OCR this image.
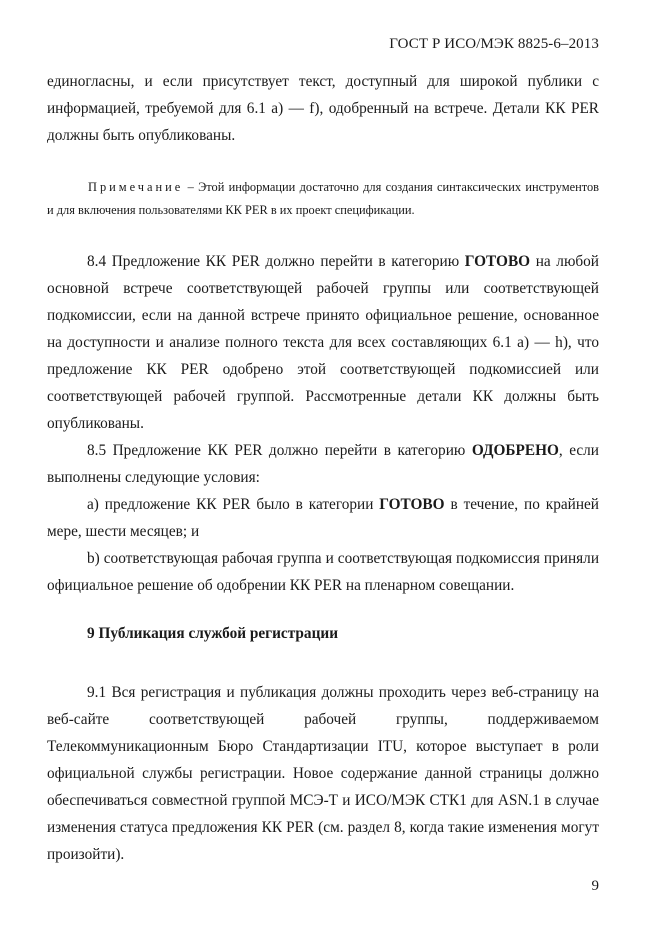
ГОСТ Р ИСО/МЭК 8825-6–2013

единогласны, и если присутствует текст, доступный для широкой публики с информацией, требуемой для 6.1 a) — f), одобренный на встрече. Детали КК PER должны быть опубликованы.

Примечание – Этой информации достаточно для создания синтаксических инструментов и для включения пользователями КК PER в их проект спецификации.

8.4 Предложение КК PER должно перейти в категорию ГОТОВО на любой основной встрече соответствующей рабочей группы или соответствующей подкомиссии, если на данной встрече принято официальное решение, основанное на доступности и анализе полного текста для всех составляющих 6.1 a) — h), что предложение КК PER одобрено этой соответствующей подкомиссией или соответствующей рабочей группой. Рассмотренные детали КК должны быть опубликованы.

8.5 Предложение КК PER должно перейти в категорию ОДОБРЕНО, если выполнены следующие условия:

a) предложение КК PER было в категории ГОТОВО в течение, по крайней мере, шести месяцев; и

b) соответствующая рабочая группа и соответствующая подкомиссия приняли официальное решение об одобрении КК PER на пленарном совещании.

9 Публикация службой регистрации

9.1 Вся регистрация и публикация должны проходить через веб-страницу на веб-сайте соответствующей рабочей группы, поддерживаемом Телекоммуникационным Бюро Стандартизации ITU, которое выступает в роли официальной службы регистрации. Новое содержание данной страницы должно обеспечиваться совместной группой МСЭ-Т и ИСО/МЭК СТК1 для ASN.1 в случае изменения статуса предложения КК PER (см. раздел 8, когда такие изменения могут произойти).

9
